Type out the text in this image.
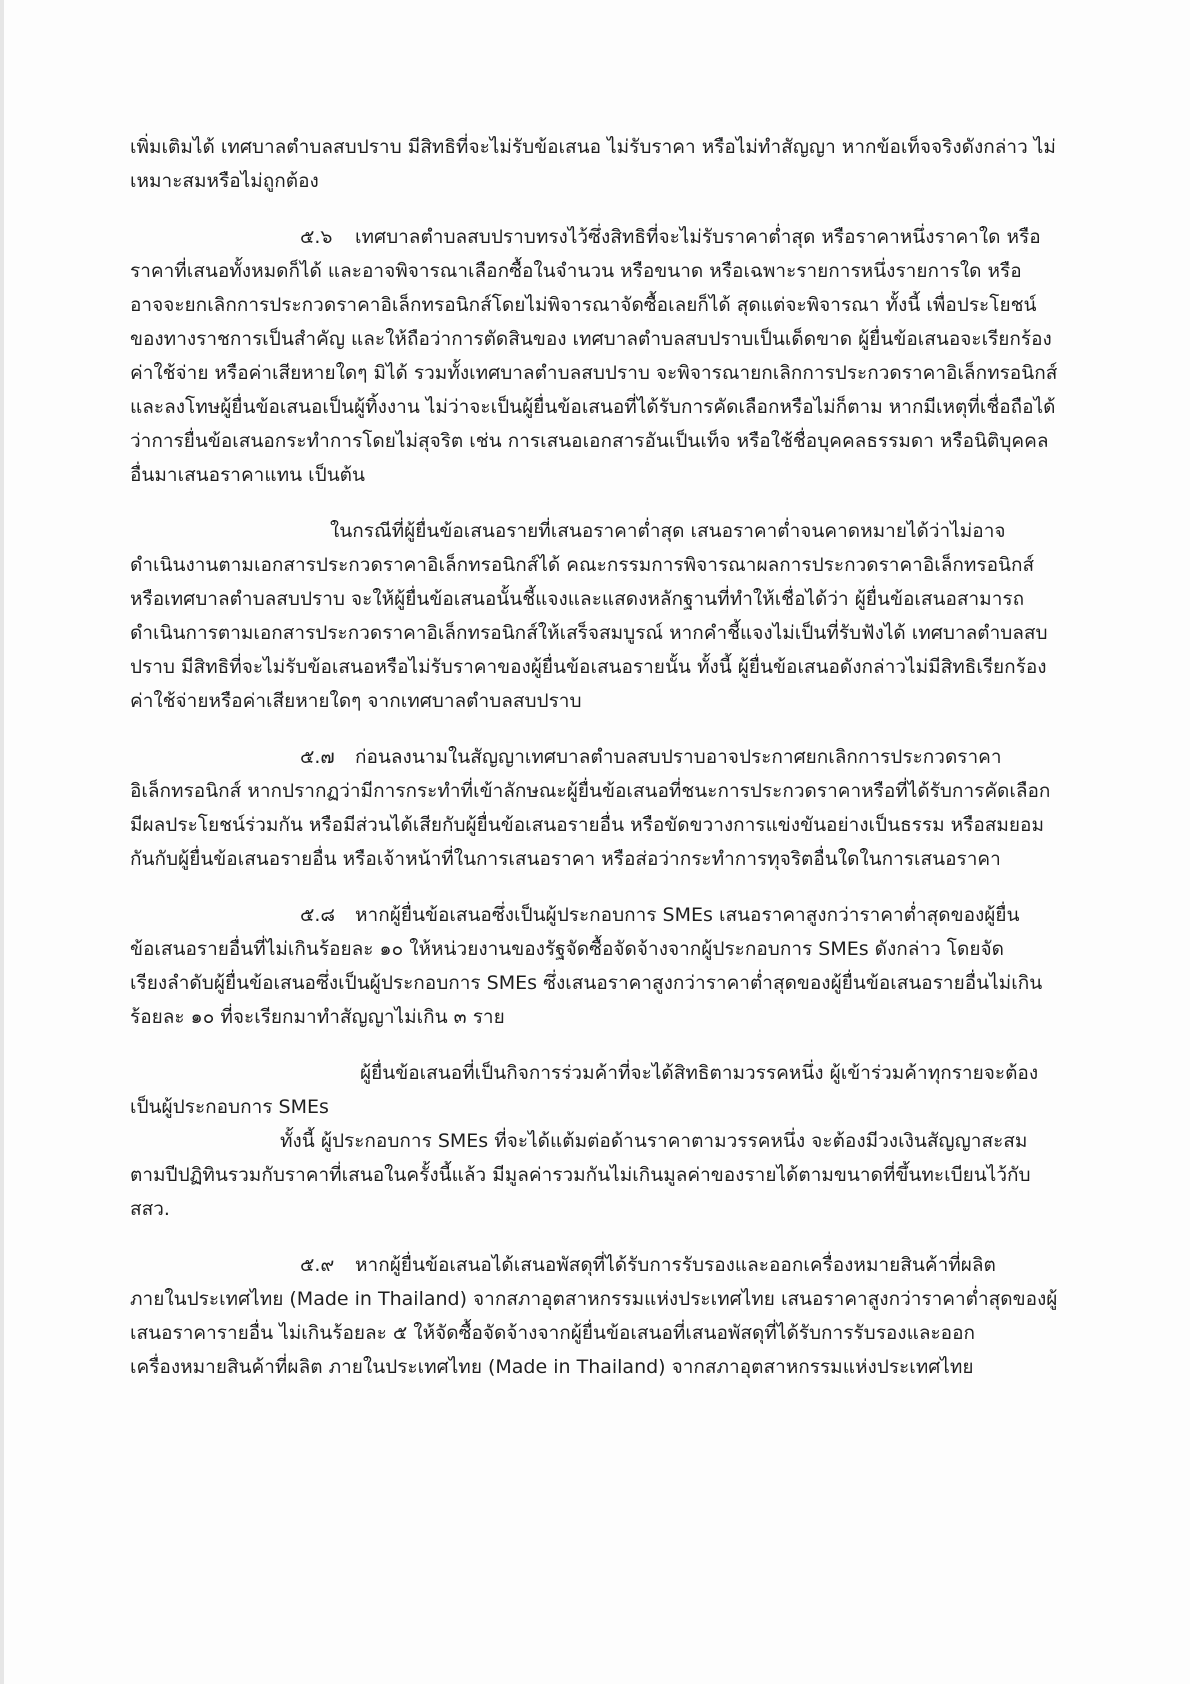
เพิ่มเติมได้ เทศบาลตำบลสบปราบ มีสิทธิที่จะไม่รับข้อเสนอ ไม่รับราคา หรือไม่ทำสัญญา หากข้อเท็จจริงดังกล่าว ไม่
เหมาะสมหรือไม่ถูกต้อง
๕.๖ เทศบาลตำบลสบปราบทรงไว้ซึ่งสิทธิที่จะไม่รับราคาต่ำสุด หรือราคาหนึ่งราคาใด หรือ
ราคาที่เสนอทั้งหมดก็ได้ และอาจพิจารณาเลือกซื้อในจำนวน หรือขนาด หรือเฉพาะรายการหนึ่งรายการใด หรือ
อาจจะยกเลิกการประกวดราคาอิเล็กทรอนิกส์โดยไม่พิจารณาจัดซื้อเลยก็ได้ สุดแต่จะพิจารณา ทั้งนี้ เพื่อประโยชน์
ของทางราชการเป็นสำคัญ และให้ถือว่าการตัดสินของ เทศบาลตำบลสบปราบเป็นเด็ดขาด ผู้ยื่นข้อเสนอจะเรียกร้อง
ค่าใช้จ่าย หรือค่าเสียหายใดๆ มิได้ รวมทั้งเทศบาลตำบลสบปราบ จะพิจารณายกเลิกการประกวดราคาอิเล็กทรอนิกส์
และลงโทษผู้ยื่นข้อเสนอเป็นผู้ทิ้งงาน ไม่ว่าจะเป็นผู้ยื่นข้อเสนอที่ได้รับการคัดเลือกหรือไม่ก็ตาม หากมีเหตุที่เชื่อถือได้
ว่าการยื่นข้อเสนอกระทำการโดยไม่สุจริต เช่น การเสนอเอกสารอันเป็นเท็จ หรือใช้ชื่อบุคคลธรรมดา หรือนิติบุคคล
อื่นมาเสนอราคาแทน เป็นต้น
ในกรณีที่ผู้ยื่นข้อเสนอรายที่เสนอราคาต่ำสุด เสนอราคาต่ำจนคาดหมายได้ว่าไม่อาจ
ดำเนินงานตามเอกสารประกวดราคาอิเล็กทรอนิกส์ได้ คณะกรรมการพิจารณาผลการประกวดราคาอิเล็กทรอนิกส์
หรือเทศบาลตำบลสบปราบ จะให้ผู้ยื่นข้อเสนอนั้นชี้แจงและแสดงหลักฐานที่ทำให้เชื่อได้ว่า ผู้ยื่นข้อเสนอสามารถ
ดำเนินการตามเอกสารประกวดราคาอิเล็กทรอนิกส์ให้เสร็จสมบูรณ์ หากคำชี้แจงไม่เป็นที่รับฟังได้ เทศบาลตำบลสบ
ปราบ มีสิทธิที่จะไม่รับข้อเสนอหรือไม่รับราคาของผู้ยื่นข้อเสนอรายนั้น ทั้งนี้ ผู้ยื่นข้อเสนอดังกล่าวไม่มีสิทธิเรียกร้อง
ค่าใช้จ่ายหรือค่าเสียหายใดๆ จากเทศบาลตำบลสบปราบ
๕.๗ ก่อนลงนามในสัญญาเทศบาลตำบลสบปราบอาจประกาศยกเลิกการประกวดราคา
อิเล็กทรอนิกส์ หากปรากฏว่ามีการกระทำที่เข้าลักษณะผู้ยื่นข้อเสนอที่ชนะการประกวดราคาหรือที่ได้รับการคัดเลือก
มีผลประโยชน์ร่วมกัน หรือมีส่วนได้เสียกับผู้ยื่นข้อเสนอรายอื่น หรือขัดขวางการแข่งขันอย่างเป็นธรรม หรือสมยอม
กันกับผู้ยื่นข้อเสนอรายอื่น หรือเจ้าหน้าที่ในการเสนอราคา หรือส่อว่ากระทำการทุจริตอื่นใดในการเสนอราคา
๕.๘ หากผู้ยื่นข้อเสนอซึ่งเป็นผู้ประกอบการ SMEs เสนอราคาสูงกว่าราคาต่ำสุดของผู้ยื่น
ข้อเสนอรายอื่นที่ไม่เกินร้อยละ ๑๐ ให้หน่วยงานของรัฐจัดซื้อจัดจ้างจากผู้ประกอบการ SMEs ดังกล่าว โดยจัด
เรียงลำดับผู้ยื่นข้อเสนอซึ่งเป็นผู้ประกอบการ SMEs ซึ่งเสนอราคาสูงกว่าราคาต่ำสุดของผู้ยื่นข้อเสนอรายอื่นไม่เกิน
ร้อยละ ๑๐ ที่จะเรียกมาทำสัญญาไม่เกิน ๓ ราย
ผู้ยื่นข้อเสนอที่เป็นกิจการร่วมค้าที่จะได้สิทธิตามวรรคหนึ่ง ผู้เข้าร่วมค้าทุกรายจะต้อง
เป็นผู้ประกอบการ SMEs
ทั้งนี้ ผู้ประกอบการ SMEs ที่จะได้แต้มต่อด้านราคาตามวรรคหนึ่ง จะต้องมีวงเงินสัญญาสะสม
ตามปีปฏิทินรวมกับราคาที่เสนอในครั้งนี้แล้ว มีมูลค่ารวมกันไม่เกินมูลค่าของรายได้ตามขนาดที่ขึ้นทะเบียนไว้กับ
สสว.
๕.๙ หากผู้ยื่นข้อเสนอได้เสนอพัสดุที่ได้รับการรับรองและออกเครื่องหมายสินค้าที่ผลิต
ภายในประเทศไทย (Made in Thailand) จากสภาอุตสาหกรรมแห่งประเทศไทย เสนอราคาสูงกว่าราคาต่ำสุดของผู้
เสนอราคารายอื่น ไม่เกินร้อยละ ๕ ให้จัดซื้อจัดจ้างจากผู้ยื่นข้อเสนอที่เสนอพัสดุที่ได้รับการรับรองและออก
เครื่องหมายสินค้าที่ผลิต ภายในประเทศไทย (Made in Thailand) จากสภาอุตสาหกรรมแห่งประเทศไทย
